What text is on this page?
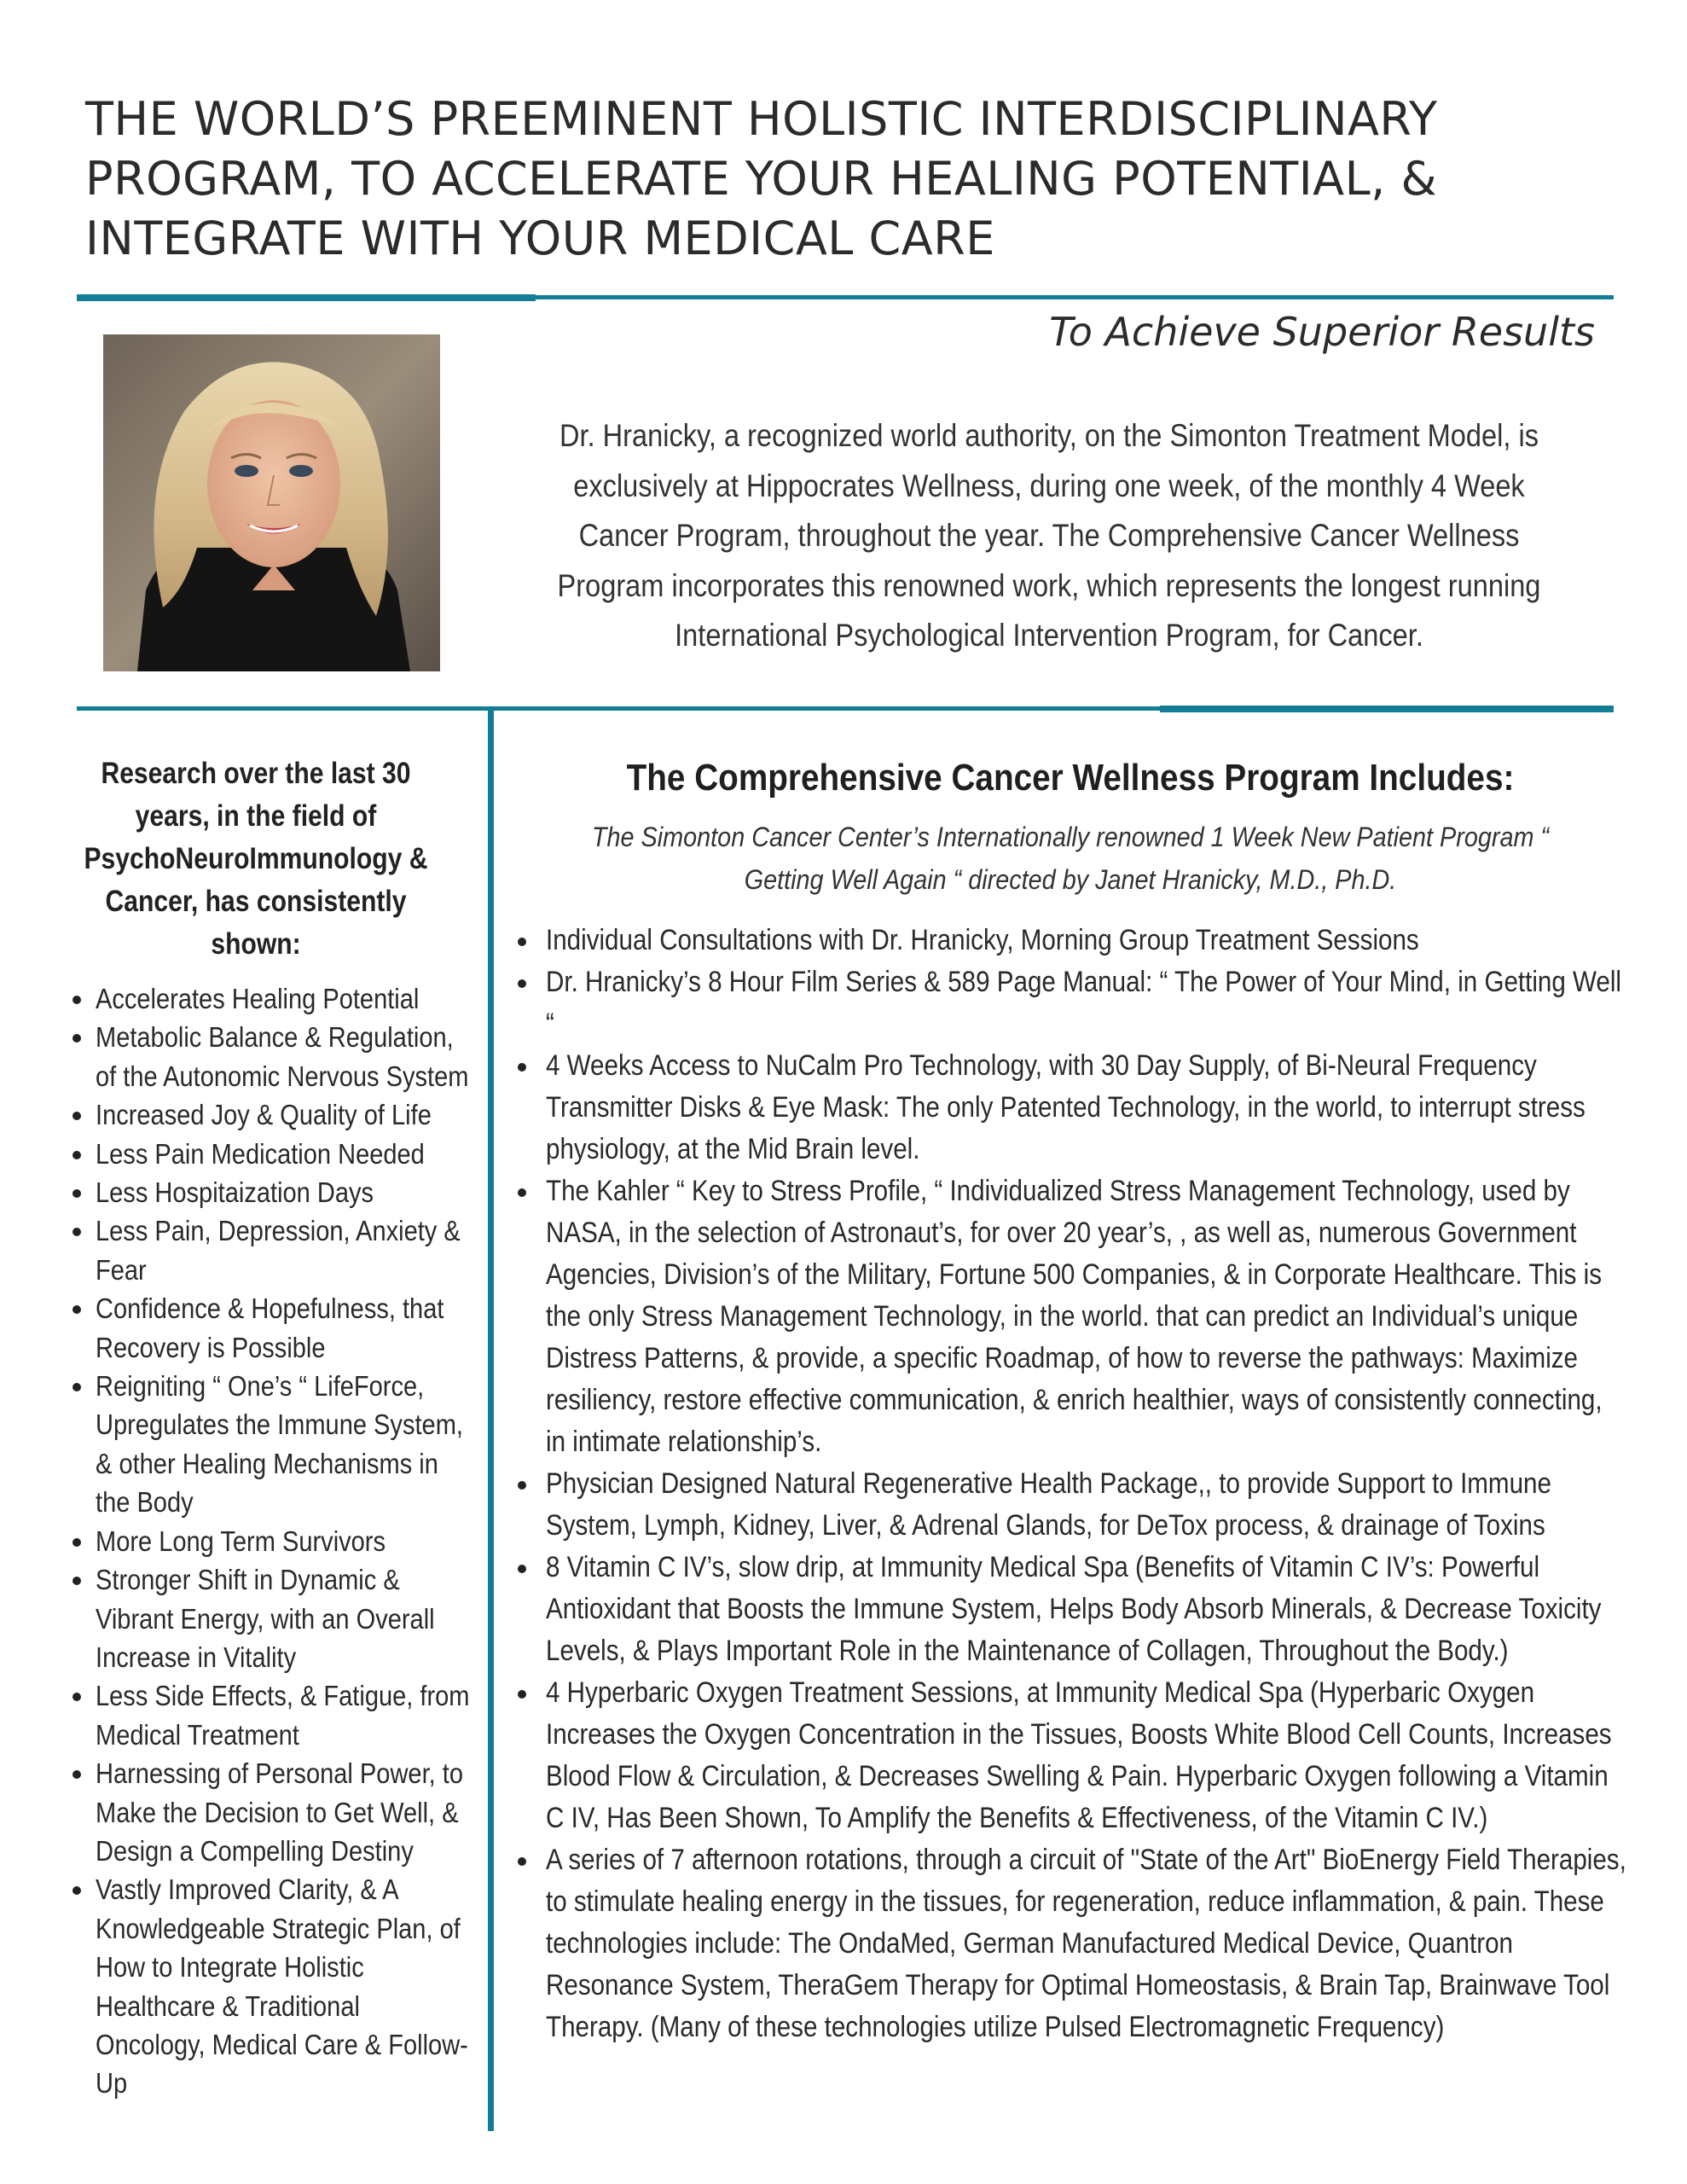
THE WORLD’S PREEMINENT HOLISTIC INTERDISCIPLINARY PROGRAM, TO ACCELERATE YOUR HEALING POTENTIAL, & INTEGRATE WITH YOUR MEDICAL CARE
To Achieve Superior Results
Dr. Hranicky, a recognized world authority, on the Simonton Treatment Model, is exclusively at Hippocrates Wellness, during one week, of the monthly 4 Week Cancer Program, throughout the year. The Comprehensive Cancer Wellness Program incorporates this renowned work, which represents the longest running International Psychological Intervention Program, for Cancer.
Research over the last 30 years, in the field of PsychoNeuroImmunology & Cancer, has consistently shown:
Accelerates Healing Potential
Metabolic Balance & Regulation, of the Autonomic Nervous System
Increased Joy & Quality of Life
Less Pain Medication Needed
Less Hospitaization Days
Less Pain, Depression, Anxiety & Fear
Confidence & Hopefulness, that Recovery is Possible
Reigniting “ One’s “ LifeForce, Upregulates the Immune System, & other Healing Mechanisms in the Body
More Long Term Survivors
Stronger Shift in Dynamic & Vibrant Energy, with an Overall Increase in Vitality
Less Side Effects, & Fatigue, from Medical Treatment
Harnessing of Personal Power, to Make the Decision to Get Well, & Design a Compelling Destiny
Vastly Improved Clarity, & A Knowledgeable Strategic Plan, of How to Integrate Holistic Healthcare & Traditional Oncology, Medical Care & Follow-Up
The Comprehensive Cancer Wellness Program Includes:

The Simonton Cancer Center’s Internationally renowned 1 Week New Patient Program “ Getting Well Again “ directed by Janet Hranicky, M.D., Ph.D.

Individual Consultations with Dr. Hranicky, Morning Group Treatment Sessions
Dr. Hranicky’s 8 Hour Film Series & 589 Page Manual: “ The Power of Your Mind, in Getting Well “
4 Weeks Access to NuCalm Pro Technology, with 30 Day Supply, of Bi-Neural Frequency Transmitter Disks & Eye Mask: The only Patented Technology, in the world, to interrupt stress physiology, at the Mid Brain level.
The Kahler “ Key to Stress Profile, “ Individualized Stress Management Technology, used by NASA, in the selection of Astronaut’s, for over 20 year’s, , as well as, numerous Government Agencies, Division’s of the Military, Fortune 500 Companies, & in Corporate Healthcare. This is the only Stress Management Technology, in the world. that can predict an Individual’s unique Distress Patterns, & provide, a specific Roadmap, of how to reverse the pathways: Maximize resiliency, restore effective communication, & enrich healthier, ways of consistently connecting, in intimate relationship’s.
Physician Designed Natural Regenerative Health Package,, to provide Support to Immune System, Lymph, Kidney, Liver, & Adrenal Glands, for DeTox process, & drainage of Toxins
8 Vitamin C IV’s, slow drip, at Immunity Medical Spa (Benefits of Vitamin C IV’s: Powerful Antioxidant that Boosts the Immune System, Helps Body Absorb Minerals, & Decrease Toxicity Levels, & Plays Important Role in the Maintenance of Collagen, Throughout the Body.)
4 Hyperbaric Oxygen Treatment Sessions, at Immunity Medical Spa (Hyperbaric Oxygen Increases the Oxygen Concentration in the Tissues, Boosts White Blood Cell Counts, Increases Blood Flow & Circulation, & Decreases Swelling & Pain. Hyperbaric Oxygen following a Vitamin C IV, Has Been Shown, To Amplify the Benefits & Effectiveness, of the Vitamin C IV.)
A series of 7 afternoon rotations, through a circuit of "State of the Art" BioEnergy Field Therapies, to stimulate healing energy in the tissues, for regeneration, reduce inflammation, & pain. These technologies include: The OndaMed, German Manufactured Medical Device, Quantron Resonance System, TheraGem Therapy for Optimal Homeostasis, & Brain Tap, Brainwave Tool Therapy. (Many of these technologies utilize Pulsed Electromagnetic Frequency)
